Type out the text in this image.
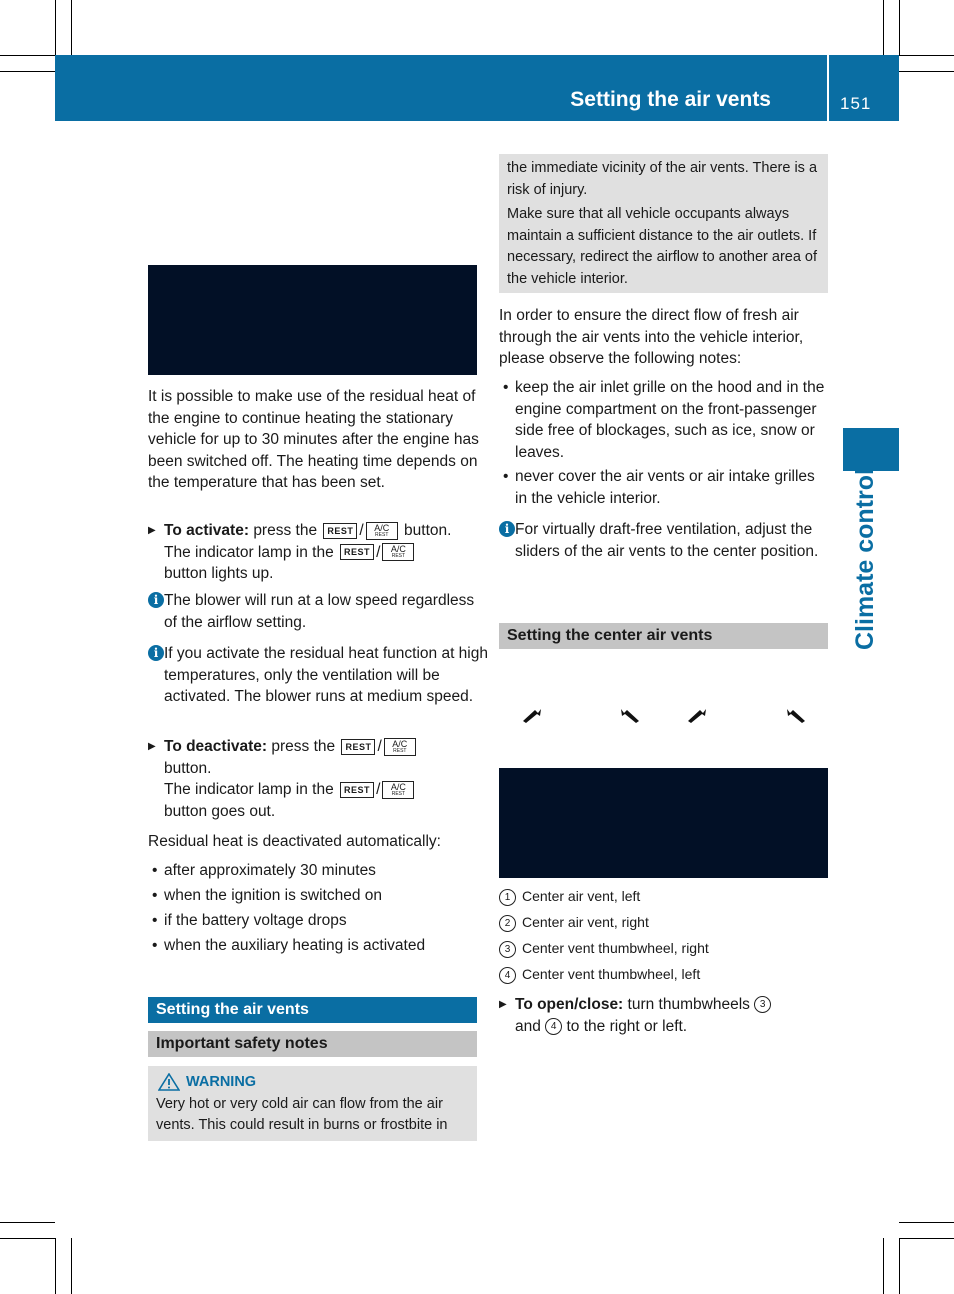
Setting the air vents	151
Climate control

It is possible to make use of the residual heat of the engine to continue heating the stationary vehicle for up to 30 minutes after the engine has been switched off. The heating time depends on the temperature that has been set.

▶ To activate: press the REST /	A/C
REST	button.
The indicator lamp in the REST /	A/C
REST

button lights up.
i The blower will run at a low speed regardless of the airflow setting.
i If you activate the residual heat function at high temperatures, only the ventilation will be activated. The blower runs at medium speed.
▶ To deactivate: press the REST /	A/C
REST

button.
The indicator lamp in the REST /	A/C
REST

button goes out.

Residual heat is deactivated automatically:

• after approximately 30 minutes
• when the ignition is switched on
• if the battery voltage drops
• when the auxiliary heating is activated
Setting the air vents
Important safety notes
WARNING
Very hot or very cold air can flow from the air vents. This could result in burns or frostbite in
the immediate vicinity of the air vents. There is a risk of injury.
Make sure that all vehicle occupants always maintain a sufficient distance to the air outlets. If necessary, redirect the airflow to another area of the vehicle interior.

In order to ensure the direct flow of fresh air through the air vents into the vehicle interior, please observe the following notes:

• keep the air inlet grille on the hood and in the engine compartment on the front-passenger side free of blockages, such as ice, snow or leaves.
• never cover the air vents or air intake grilles in the vehicle interior.
i For virtually draft-free ventilation, adjust the sliders of the air vents to the center position.
Setting the center air vents
1 Center air vent, left
2 Center air vent, right
3 Center vent thumbwheel, right
4 Center vent thumbwheel, left
▶ To open/close: turn thumbwheels 3
and 4 to the right or left.
